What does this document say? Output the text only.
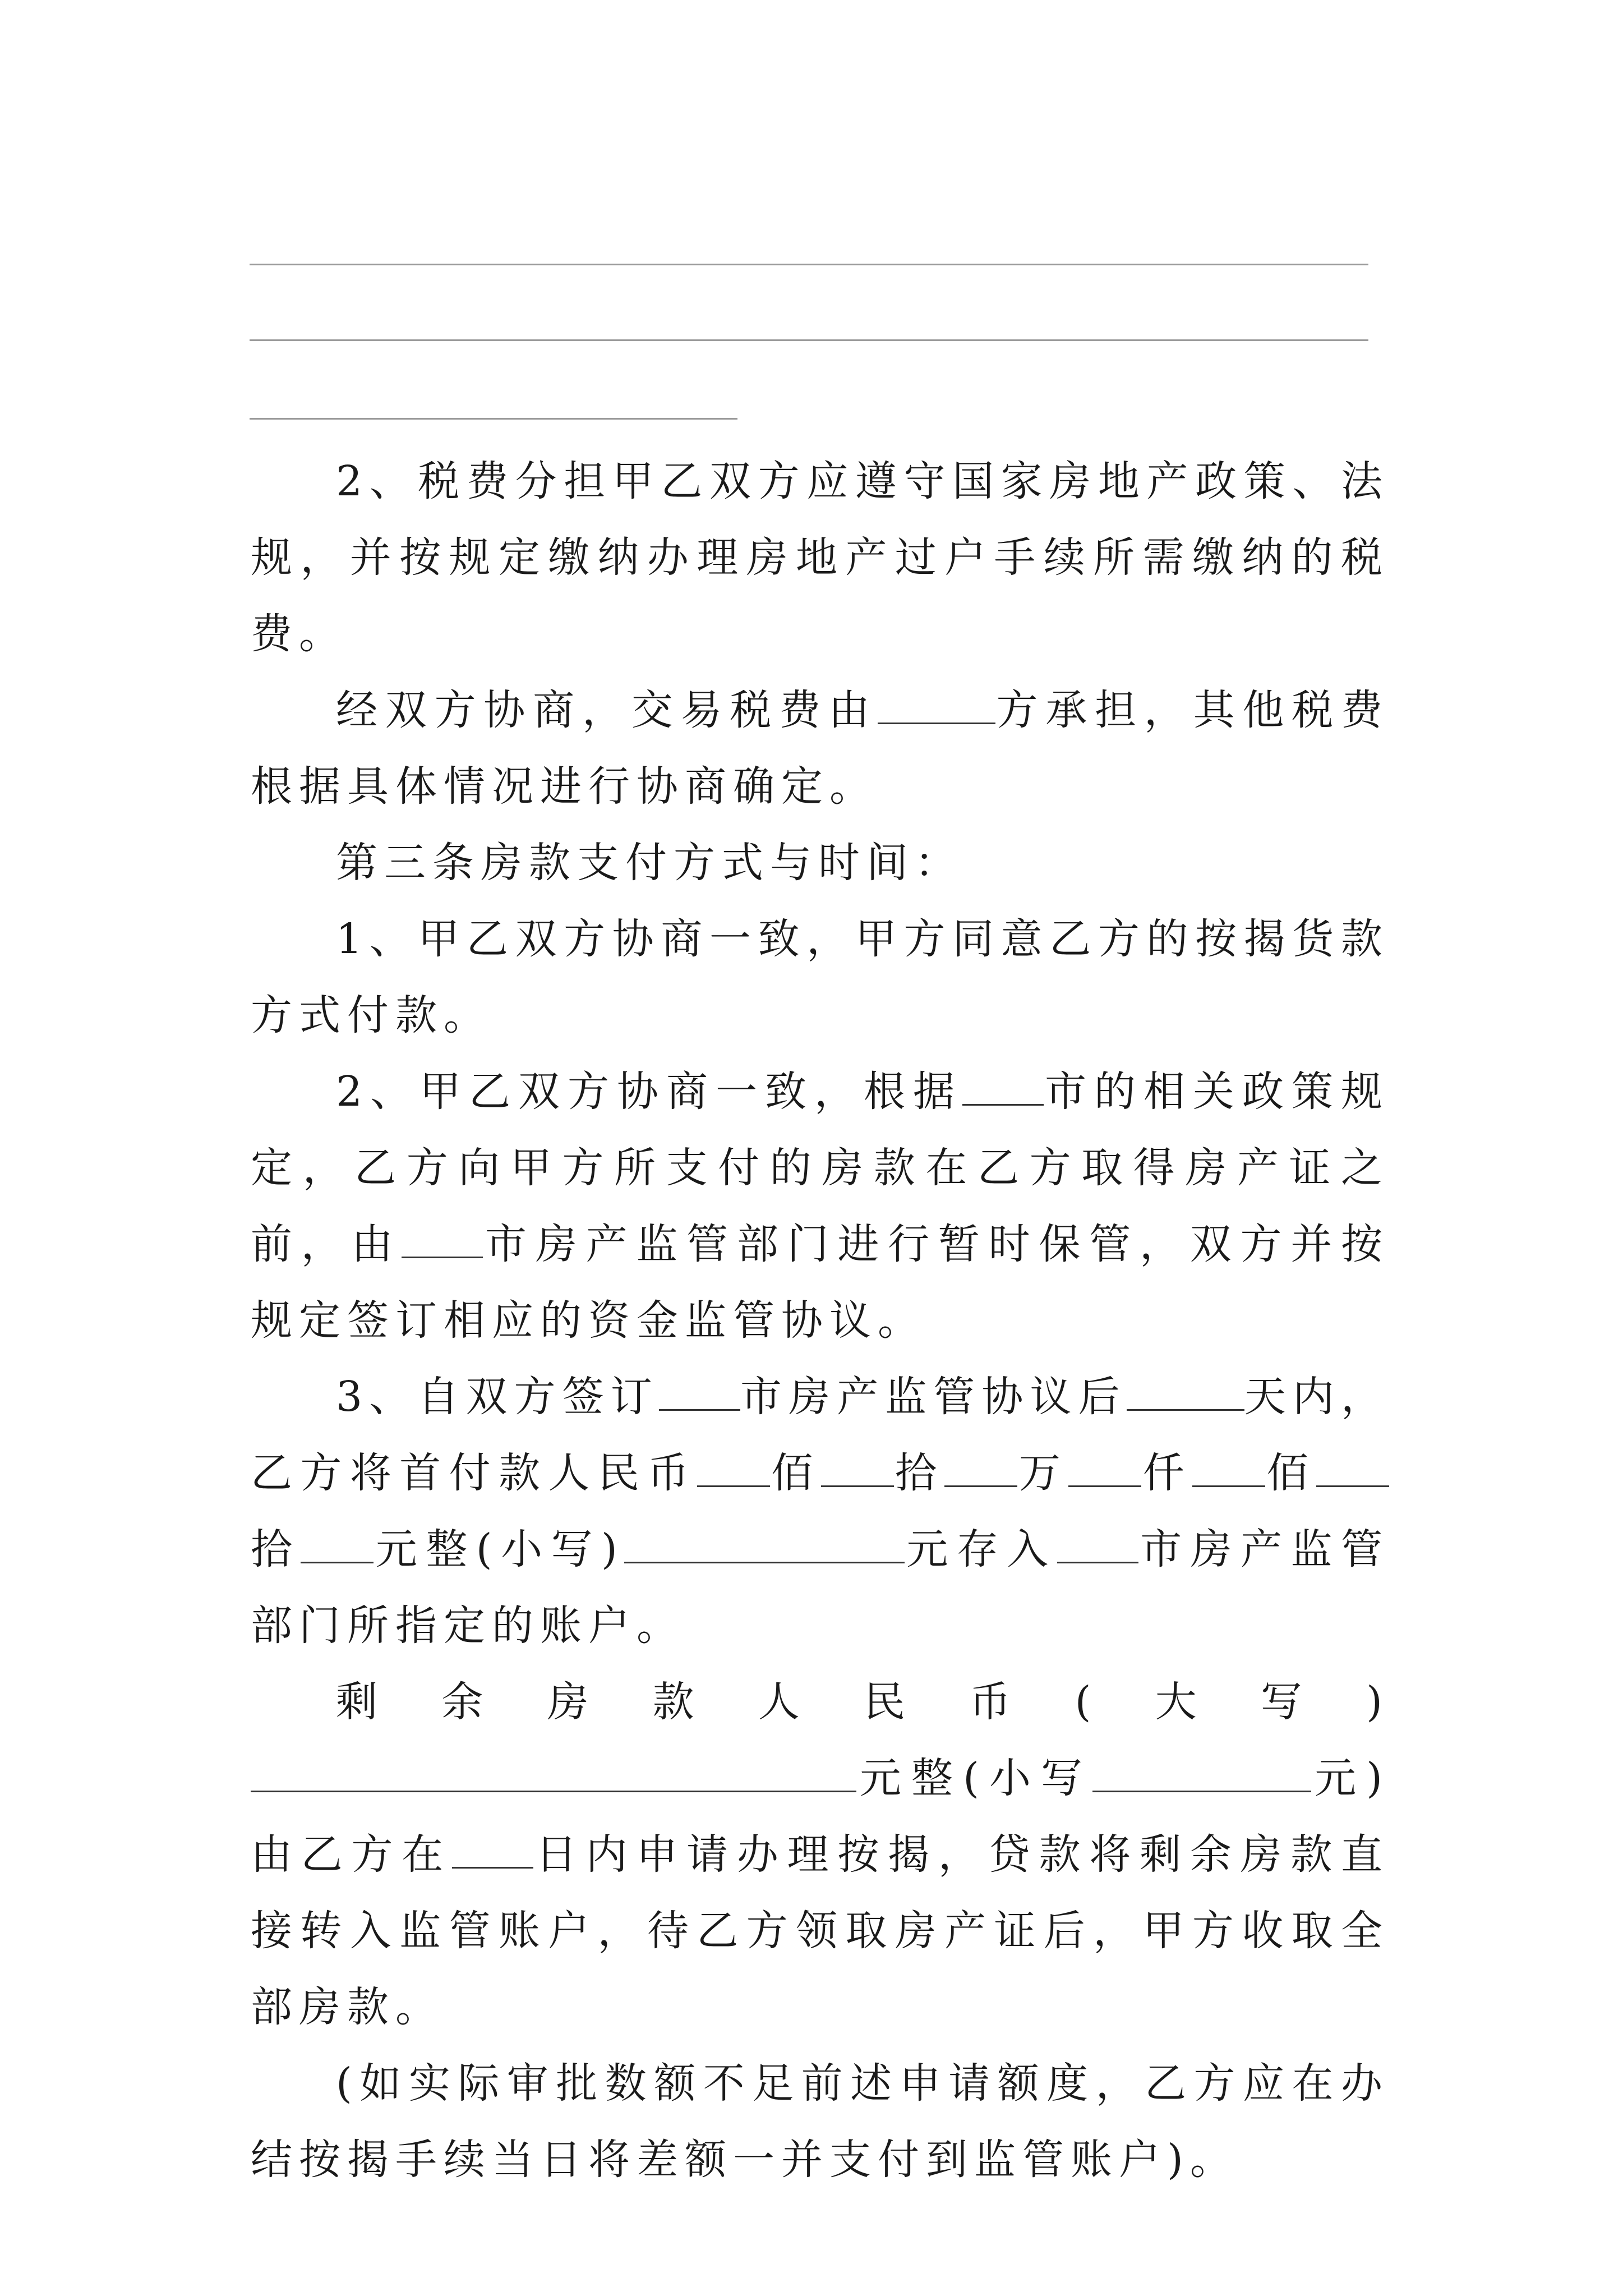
2、税费分担甲乙双方应遵守国家房地产政策、法规，并按规定缴纳办理房地产过户手续所需缴纳的税费。

经双方协商，交易税费由	方承担，其他税费根据具体情况进行协商确定。

第三条房款支付方式与时间：

1、甲乙双方协商一致，甲方同意乙方的按揭货款方式付款。

2、甲乙双方协商一致，根据 市的相关政策规定，乙方向甲方所支付的房款在乙方取得房产证之前，由 市房产监管部门进行暂时保管，双方并按规定签订相应的资金监管协议。

3、自双方签订 市房产监管协议后	天内，乙方将首付款人民币 佰 拾 万 仟 佰拾 元整(小写)	元存入 市房产监管部门所指定的账户。

剩余房款人民币(大写)元整(小写	元)由乙方在 日内申请办理按揭，贷款将剩余房款直接转入监管账户，待乙方领取房产证后，甲方收取全部房款。

(如实际审批数额不足前述申请额度，乙方应在办结按揭手续当日将差额一并支付到监管账户)。
